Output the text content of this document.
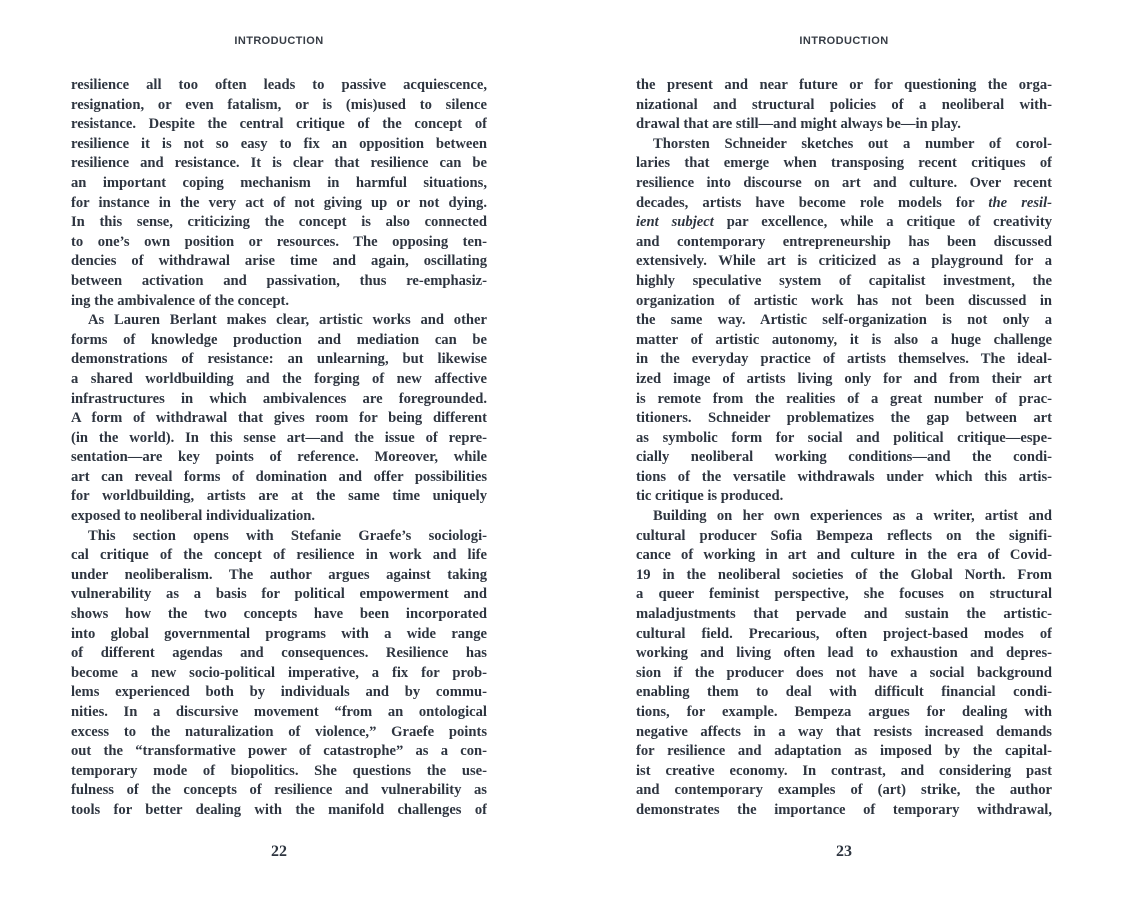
INTRODUCTION
resilience all too often leads to passive acquiescence,
resignation, or even fatalism, or is (mis)used to silence
resistance. Despite the central critique of the concept of
resilience it is not so easy to fix an opposition between
resilience and resistance. It is clear that resilience can be
an important coping mechanism in harmful situations,
for instance in the very act of not giving up or not dying.
In this sense, criticizing the concept is also connected
to one’s own position or resources. The opposing ten-
dencies of withdrawal arise time and again, oscillating
between activation and passivation, thus re-emphasiz-
ing the ambivalence of the concept.
As Lauren Berlant makes clear, artistic works and other
forms of knowledge production and mediation can be
demonstrations of resistance: an unlearning, but likewise
a shared worldbuilding and the forging of new affective
infrastructures in which ambivalences are foregrounded.
A form of withdrawal that gives room for being different
(in the world). In this sense art—and the issue of repre-
sentation—are key points of reference. Moreover, while
art can reveal forms of domination and offer possibilities
for worldbuilding, artists are at the same time uniquely
exposed to neoliberal individualization.
This section opens with Stefanie Graefe’s sociologi-
cal critique of the concept of resilience in work and life
under neoliberalism. The author argues against taking
vulnerability as a basis for political empowerment and
shows how the two concepts have been incorporated
into global governmental programs with a wide range
of different agendas and consequences. Resilience has
become a new socio-political imperative, a fix for prob-
lems experienced both by individuals and by commu-
nities. In a discursive movement “from an ontological
excess to the naturalization of violence,” Graefe points
out the “transformative power of catastrophe” as a con-
temporary mode of biopolitics. She questions the use-
fulness of the concepts of resilience and vulnerability as
tools for better dealing with the manifold challenges of
22
INTRODUCTION
the present and near future or for questioning the orga-
nizational and structural policies of a neoliberal with-
drawal that are still—and might always be—in play.
Thorsten Schneider sketches out a number of corol-
laries that emerge when transposing recent critiques of
resilience into discourse on art and culture. Over recent
decades, artists have become role models for the resil-
ient subject par excellence, while a critique of creativity
and contemporary entrepreneurship has been discussed
extensively. While art is criticized as a playground for a
highly speculative system of capitalist investment, the
organization of artistic work has not been discussed in
the same way. Artistic self-organization is not only a
matter of artistic autonomy, it is also a huge challenge
in the everyday practice of artists themselves. The ideal-
ized image of artists living only for and from their art
is remote from the realities of a great number of prac-
titioners. Schneider problematizes the gap between art
as symbolic form for social and political critique—espe-
cially neoliberal working conditions—and the condi-
tions of the versatile withdrawals under which this artis-
tic critique is produced.
Building on her own experiences as a writer, artist and
cultural producer Sofia Bempeza reflects on the signifi-
cance of working in art and culture in the era of Covid-
19 in the neoliberal societies of the Global North. From
a queer feminist perspective, she focuses on structural
maladjustments that pervade and sustain the artistic-
cultural field. Precarious, often project-based modes of
working and living often lead to exhaustion and depres-
sion if the producer does not have a social background
enabling them to deal with difficult financial condi-
tions, for example. Bempeza argues for dealing with
negative affects in a way that resists increased demands
for resilience and adaptation as imposed by the capital-
ist creative economy. In contrast, and considering past
and contemporary examples of (art) strike, the author
demonstrates the importance of temporary withdrawal,
23
